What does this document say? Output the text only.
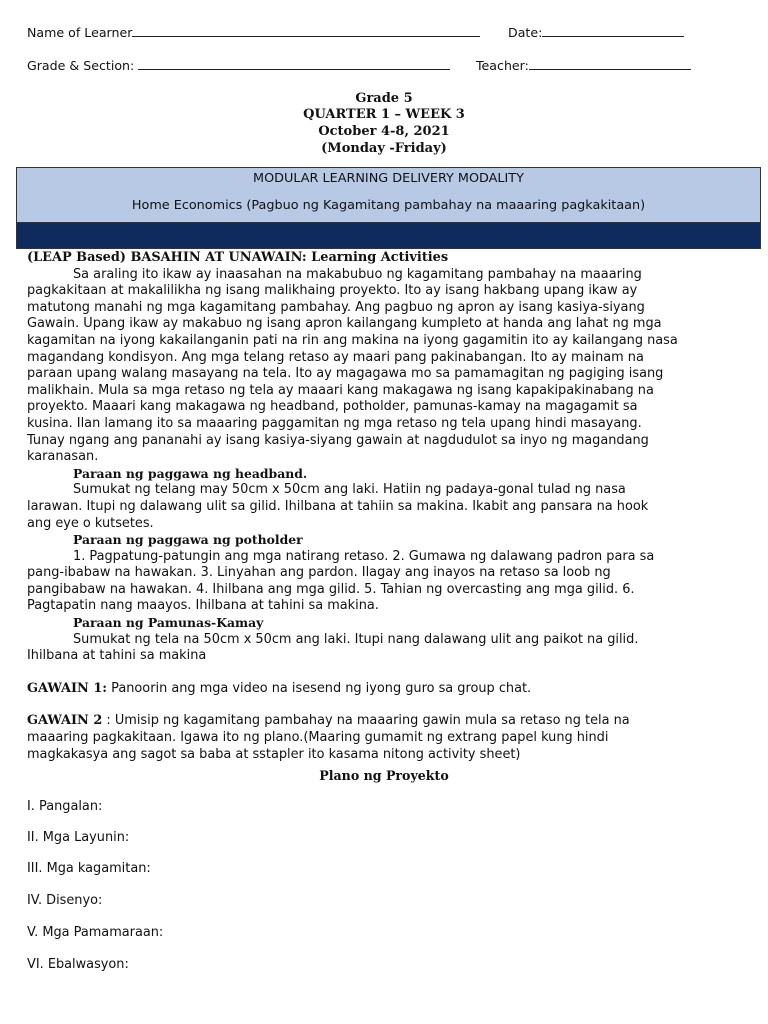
Name of Learner	Date:
Grade & Section:	Teacher:
Grade 5
QUARTER 1 – WEEK 3
October 4-8, 2021
(Monday -Friday)
MODULAR LEARNING DELIVERY MODALITY
Home Economics (Pagbuo ng Kagamitang pambahay na maaaring pagkakitaan)

(LEAP Based) BASAHIN AT UNAWAIN: Learning Activities

Sa araling ito ikaw ay inaasahan na makabubuo ng kagamitang pambahay na maaaring

pagkakitaan at makalilikha ng isang malikhaing proyekto. Ito ay isang hakbang upang ikaw ay

matutong manahi ng mga kagamitang pambahay. Ang pagbuo ng apron ay isang kasiya-siyang

Gawain. Upang ikaw ay makabuo ng isang apron kailangang kumpleto at handa ang lahat ng mga

kagamitan na iyong kakailanganin pati na rin ang makina na iyong gagamitin ito ay kailangang nasa

magandang kondisyon. Ang mga telang retaso ay maari pang pakinabangan. Ito ay mainam na

paraan upang walang masayang na tela. Ito ay magagawa mo sa pamamagitan ng pagiging isang

malikhain. Mula sa mga retaso ng tela ay maaari kang makagawa ng isang kapakipakinabang na

proyekto. Maaari kang makagawa ng headband, potholder, pamunas-kamay na magagamit sa

kusina. Ilan lamang ito sa maaaring paggamitan ng mga retaso ng tela upang hindi masayang.

Tunay ngang ang pananahi ay isang kasiya-siyang gawain at nagdudulot sa inyo ng magandang

karanasan.

Paraan ng paggawa ng headband.

Sumukat ng telang may 50cm x 50cm ang laki. Hatiin ng padaya-gonal tulad ng nasa

larawan. Itupi ng dalawang ulit sa gilid. Ihilbana at tahiin sa makina. Ikabit ang pansara na hook

ang eye o kutsetes.

Paraan ng paggawa ng potholder

1. Pagpatung-patungin ang mga natirang retaso. 2. Gumawa ng dalawang padron para sa

pang-ibabaw na hawakan. 3. Linyahan ang pardon. Ilagay ang inayos na retaso sa loob ng

pangibabaw na hawakan. 4. Ihilbana ang mga gilid. 5. Tahian ng overcasting ang mga gilid. 6.

Pagtapatin nang maayos. Ihilbana at tahini sa makina.

Paraan ng Pamunas-Kamay

Sumukat ng tela na 50cm x 50cm ang laki. Itupi nang dalawang ulit ang paikot na gilid.

Ihilbana at tahini sa makina

GAWAIN 1: Panoorin ang mga video na isesend ng iyong guro sa group chat.

GAWAIN 2 : Umisip ng kagamitang pambahay na maaaring gawin mula sa retaso ng tela na

maaaring pagkakitaan. Igawa ito ng plano.(Maaring gumamit ng extrang papel kung hindi

magkakasya ang sagot sa baba at sstapler ito kasama nitong activity sheet)

Plano ng Proyekto
I. Pangalan:
II. Mga Layunin:
III. Mga kagamitan:
IV. Disenyo:
V. Mga Pamamaraan:
VI. Ebalwasyon:
